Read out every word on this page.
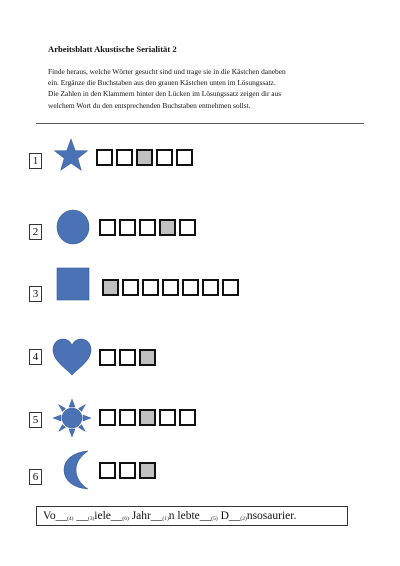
Arbeitsblatt Akustische Serialität 2
Finde heraus, welche Wörter gesucht sind und trage sie in die Kästchen daneben
ein. Ergänze die Buchstaben aus den grauen Kästchen unten im Lösungssatz.
Die Zahlen in den Klammern hinter den Lücken im Lösungssatz zeigen dir aus
welchem Wort du den entsprechenden Buchstaben entnehmen sollst.
1
2
3
4
5
6
Vo__(4) __(3)iele__(6) Jahr__(1)n lebte__(5) D__(2)nsosaurier.
